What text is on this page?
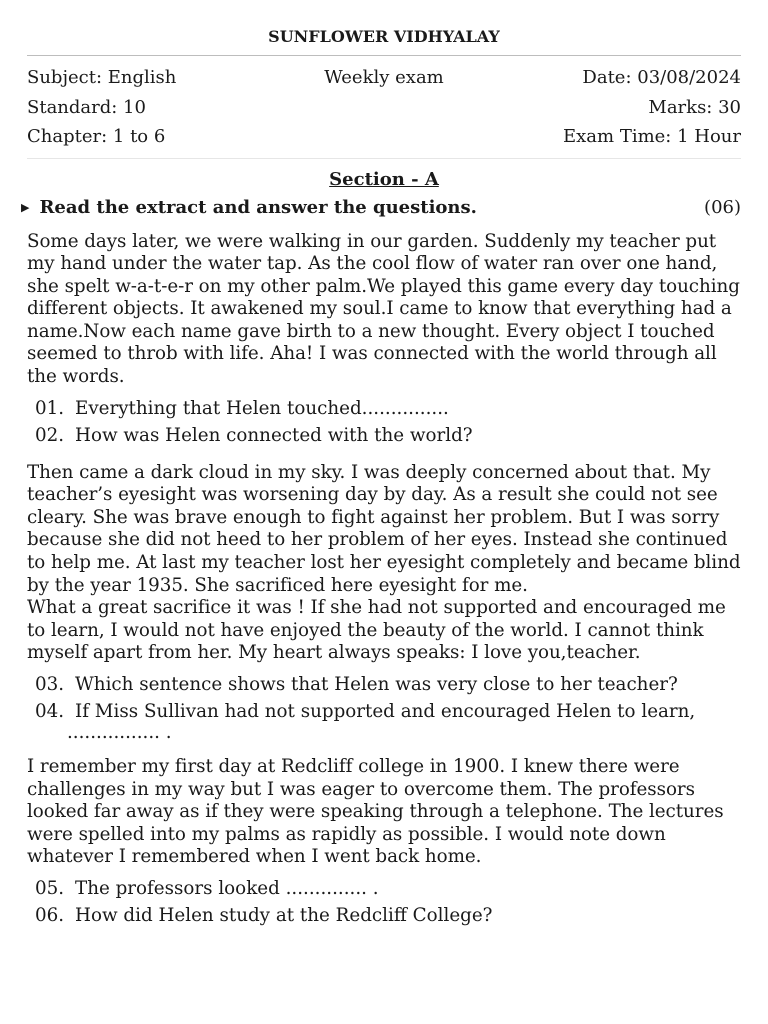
SUNFLOWER VIDHYALAY
Subject: English	Weekly exam	Date: 03/08/2024
Standard: 10	Marks: 30
Chapter: 1 to 6	Exam Time: 1 Hour
Section - A
▶ Read the extract and answer the questions.	(06)

Some days later, we were walking in our garden. Suddenly my teacher put my hand under the water tap. As the cool flow of water ran over one hand, she spelt w-a-t-e-r on my other palm.We played this game every day touching different objects. It awakened my soul.I came to know that everything had a name.Now each name gave birth to a new thought. Every object I touched seemed to throb with life. Aha! I was connected with the world through all the words.

01. Everything that Helen touched...............
02. How was Helen connected with the world?

Then came a dark cloud in my sky. I was deeply concerned about that. My teacher’s eyesight was worsening day by day. As a result she could not see cleary. She was brave enough to fight against her problem. But I was sorry because she did not heed to her problem of her eyes. Instead she continued to help me. At last my teacher lost her eyesight completely and became blind by the year 1935. She sacrificed here eyesight for me.

What a great sacrifice it was ! If she had not supported and encouraged me to learn, I would not have enjoyed the beauty of the world. I cannot think myself apart from her. My heart always speaks: I love you,teacher.

03. Which sentence shows that Helen was very close to her teacher?
04. If Miss Sullivan had not supported and encouraged Helen to learn,
................ .

I remember my first day at Redcliff college in 1900. I knew there were challenges in my way but I was eager to overcome them. The professors looked far away as if they were speaking through a telephone. The lectures were spelled into my palms as rapidly as possible. I would note down whatever I remembered when I went back home.

05. The professors looked .............. .
06. How did Helen study at the Redcliff College?
